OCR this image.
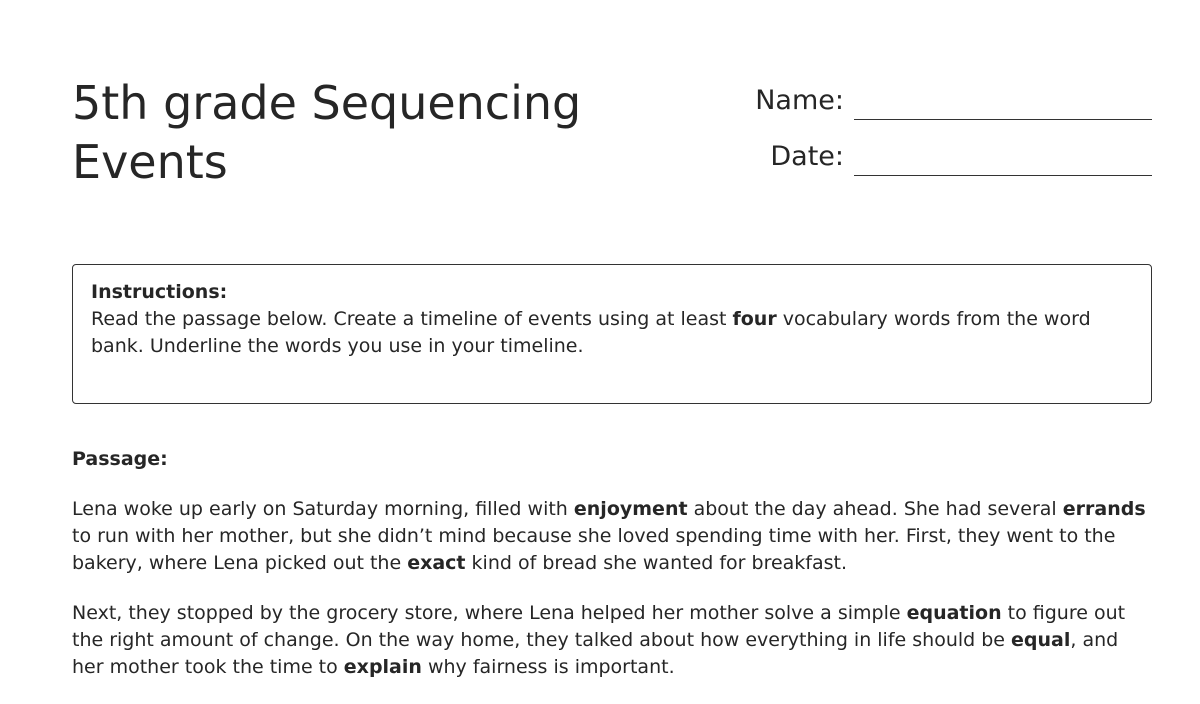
5th grade Sequencing Events
Name:
Date:
Instructions:
Read the passage below. Create a timeline of events using at least four vocabulary words from the word bank. Underline the words you use in your timeline.
Passage:

Lena woke up early on Saturday morning, filled with enjoyment about the day ahead. She had several errands to run with her mother, but she didn’t mind because she loved spending time with her. First, they went to the bakery, where Lena picked out the exact kind of bread she wanted for breakfast.

Next, they stopped by the grocery store, where Lena helped her mother solve a simple equation to figure out the right amount of change. On the way home, they talked about how everything in life should be equal, and her mother took the time to explain why fairness is important.
